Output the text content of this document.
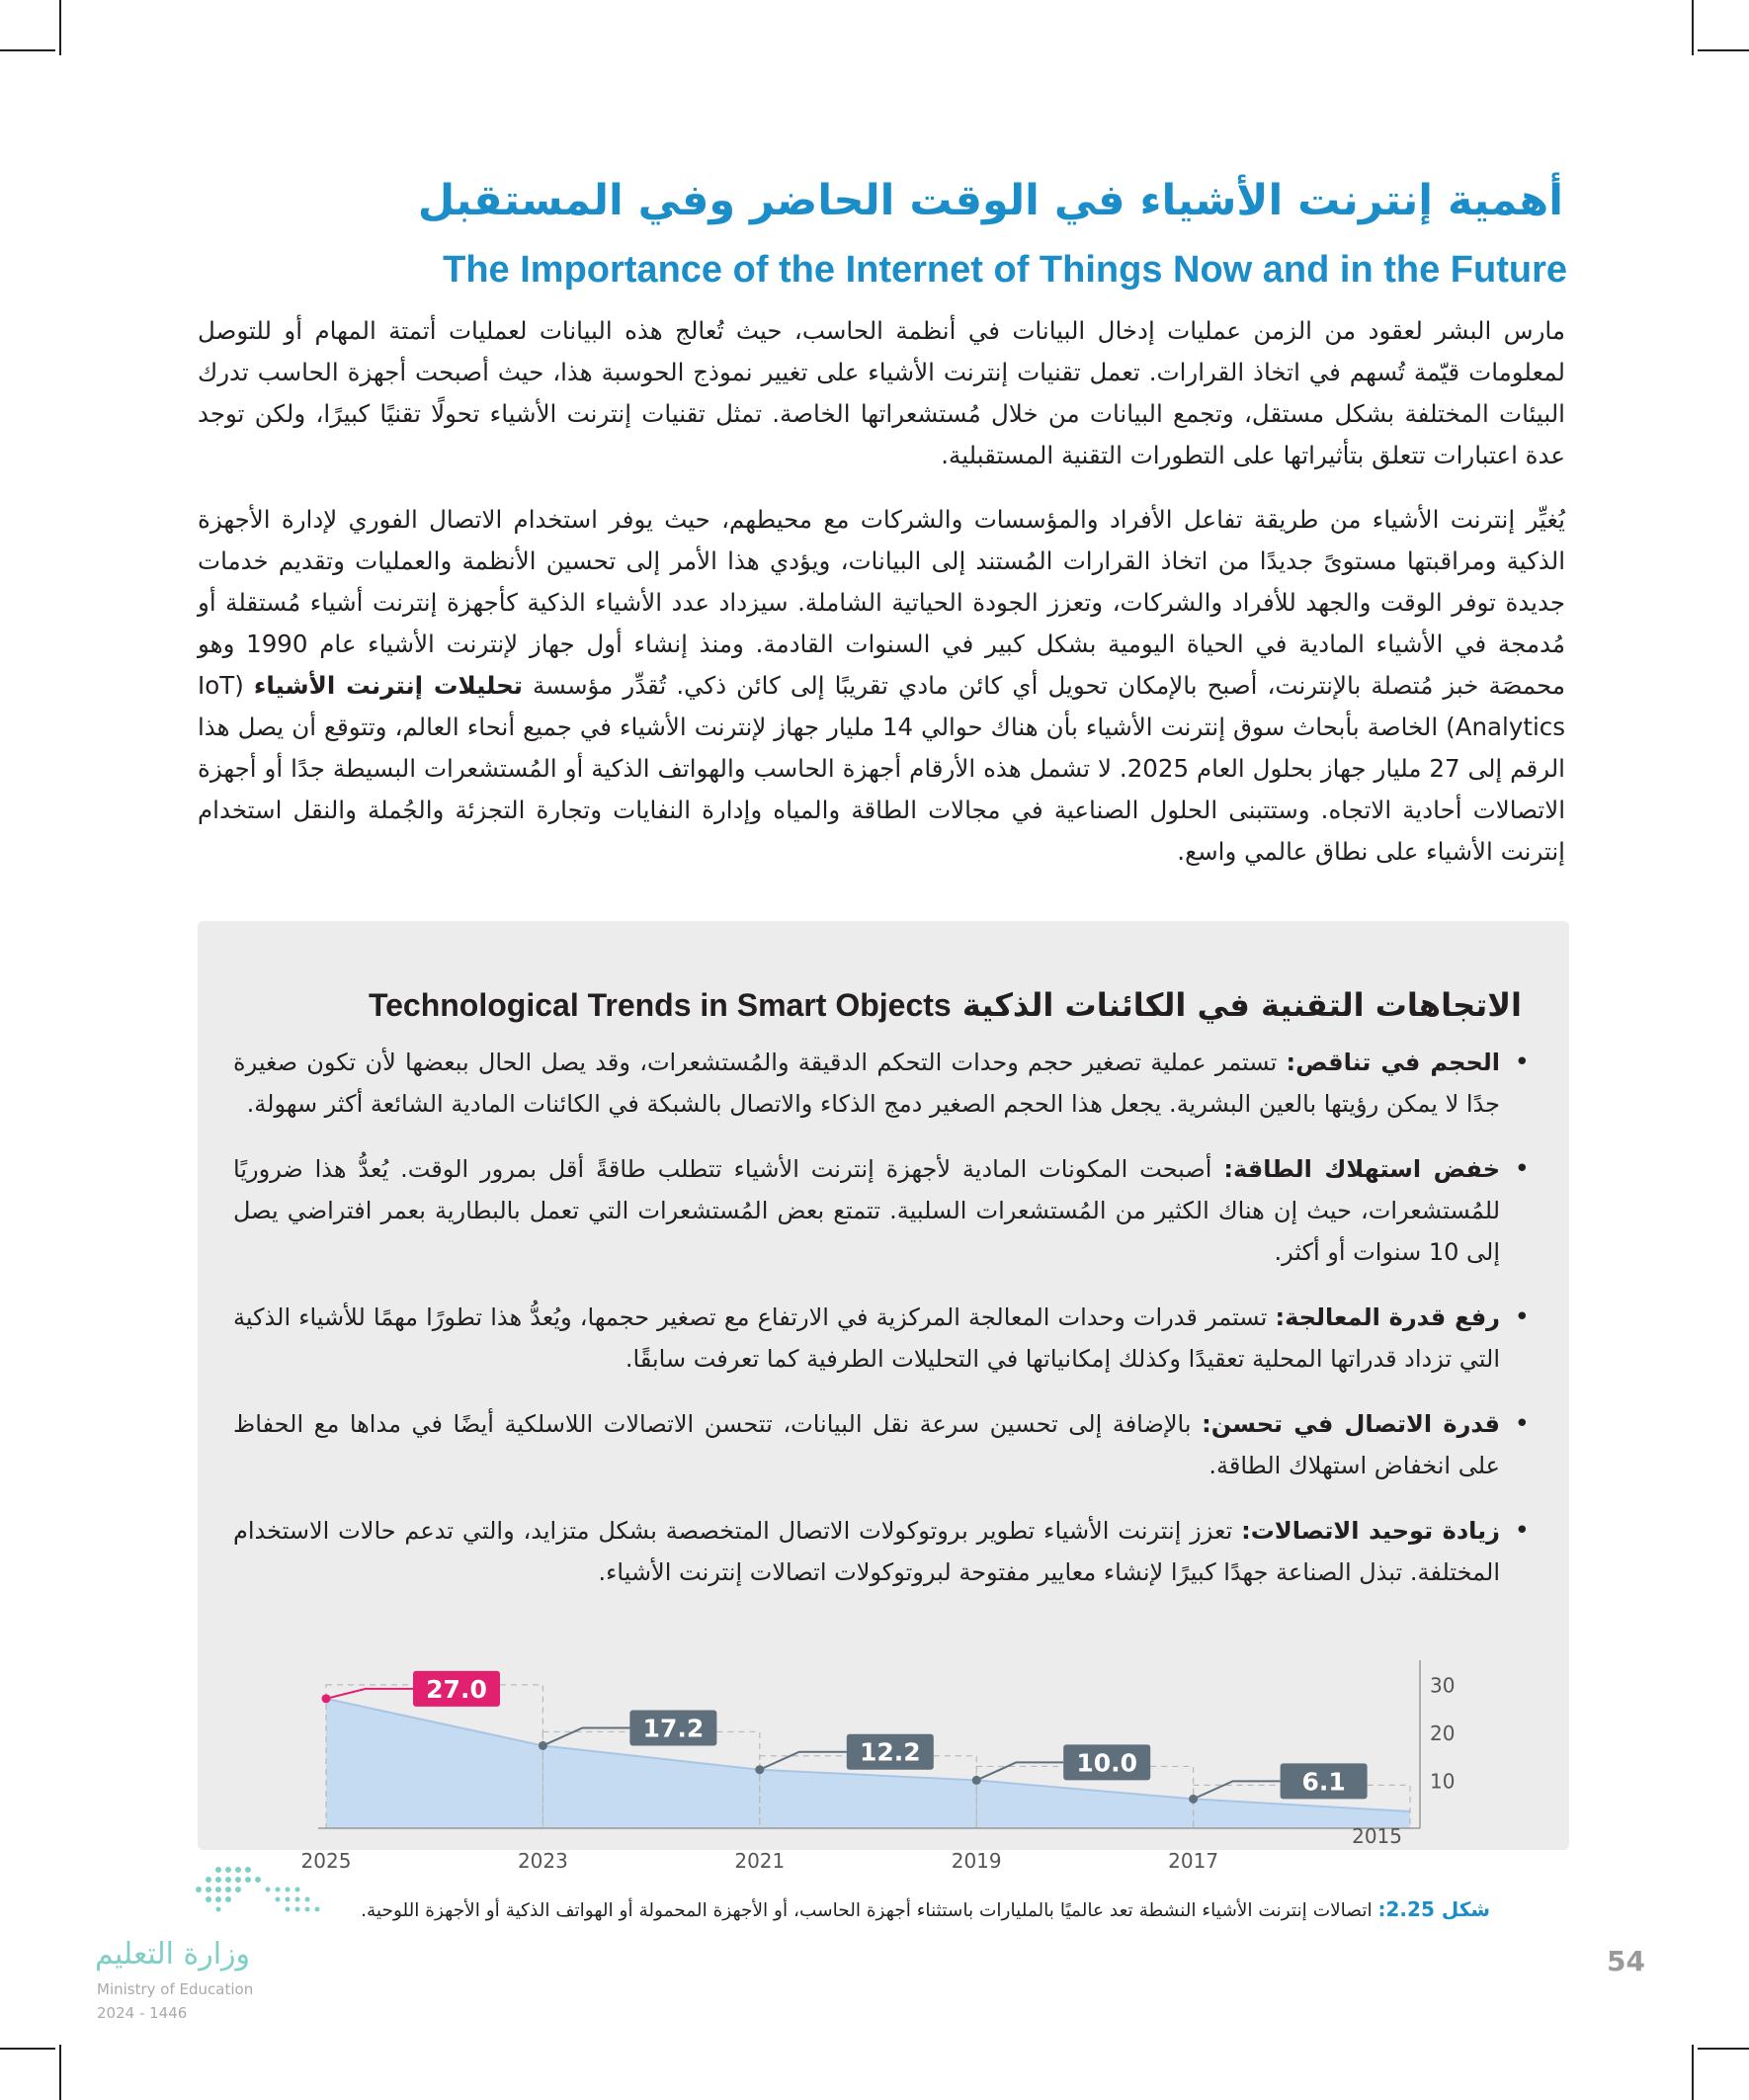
أهمية إنترنت الأشياء في الوقت الحاضر وفي المستقبل
The Importance of the Internet of Things Now and in the Future

مارس البشر لعقود من الزمن عمليات إدخال البيانات في أنظمة الحاسب، حيث تُعالج هذه البيانات لعمليات أتمتة المهام أو للتوصل لمعلومات قيّمة تُسهم في اتخاذ القرارات. تعمل تقنيات إنترنت الأشياء على تغيير نموذج الحوسبة هذا، حيث أصبحت أجهزة الحاسب تدرك البيئات المختلفة بشكل مستقل، وتجمع البيانات من خلال مُستشعراتها الخاصة. تمثل تقنيات إنترنت الأشياء تحولًا تقنيًا كبيرًا، ولكن توجد عدة اعتبارات تتعلق بتأثيراتها على التطورات التقنية المستقبلية.

يُغيِّر إنترنت الأشياء من طريقة تفاعل الأفراد والمؤسسات والشركات مع محيطهم، حيث يوفر استخدام الاتصال الفوري لإدارة الأجهزة الذكية ومراقبتها مستوىً جديدًا من اتخاذ القرارات المُستند إلى البيانات، ويؤدي هذا الأمر إلى تحسين الأنظمة والعمليات وتقديم خدمات جديدة توفر الوقت والجهد للأفراد والشركات، وتعزز الجودة الحياتية الشاملة. سيزداد عدد الأشياء الذكية كأجهزة إنترنت أشياء مُستقلة أو مُدمجة في الأشياء المادية في الحياة اليومية بشكل كبير في السنوات القادمة. ومنذ إنشاء أول جهاز لإنترنت الأشياء عام 1990 وهو محمصَة خبز مُتصلة بالإنترنت، أصبح بالإمكان تحويل أي كائن مادي تقريبًا إلى كائن ذكي. تُقدِّر مؤسسة تحليلات إنترنت الأشياء (IoT Analytics) الخاصة بأبحاث سوق إنترنت الأشياء بأن هناك حوالي 14 مليار جهاز لإنترنت الأشياء في جميع أنحاء العالم، وتتوقع أن يصل هذا الرقم إلى 27 مليار جهاز بحلول العام 2025. لا تشمل هذه الأرقام أجهزة الحاسب والهواتف الذكية أو المُستشعرات البسيطة جدًا أو أجهزة الاتصالات أحادية الاتجاه. وستتبنى الحلول الصناعية في مجالات الطاقة والمياه وإدارة النفايات وتجارة التجزئة والجُملة والنقل استخدام إنترنت الأشياء على نطاق عالمي واسع.

الاتجاهات التقنية في الكائنات الذكية Technological Trends in Smart Objects
• الحجم في تناقص: تستمر عملية تصغير حجم وحدات التحكم الدقيقة والمُستشعرات، وقد يصل الحال ببعضها لأن تكون صغيرة جدًا لا يمكن رؤيتها بالعين البشرية. يجعل هذا الحجم الصغير دمج الذكاء والاتصال بالشبكة في الكائنات المادية الشائعة أكثر سهولة.
• خفض استهلاك الطاقة: أصبحت المكونات المادية لأجهزة إنترنت الأشياء تتطلب طاقةً أقل بمرور الوقت. يُعدُّ هذا ضروريًا للمُستشعرات، حيث إن هناك الكثير من المُستشعرات السلبية. تتمتع بعض المُستشعرات التي تعمل بالبطارية بعمر افتراضي يصل إلى 10 سنوات أو أكثر.
• رفع قدرة المعالجة: تستمر قدرات وحدات المعالجة المركزية في الارتفاع مع تصغير حجمها، ويُعدُّ هذا تطورًا مهمًا للأشياء الذكية التي تزداد قدراتها المحلية تعقيدًا وكذلك إمكانياتها في التحليلات الطرفية كما تعرفت سابقًا.
• قدرة الاتصال في تحسن: بالإضافة إلى تحسين سرعة نقل البيانات، تتحسن الاتصالات اللاسلكية أيضًا في مداها مع الحفاظ على انخفاض استهلاك الطاقة.
• زيادة توحيد الاتصالات: تعزز إنترنت الأشياء تطوير بروتوكولات الاتصال المتخصصة بشكل متزايد، والتي تدعم حالات الاستخدام المختلفة. تبذل الصناعة جهدًا كبيرًا لإنشاء معايير مفتوحة لبروتوكولات اتصالات إنترنت الأشياء.
30
20
10
2025	2023	2021	2019	2017
2015
27.0
17.2
12.2	10.0
6.1
شكل 2.25: اتصالات إنترنت الأشياء النشطة تعد عالميًا بالمليارات باستثناء أجهزة الحاسب، أو الأجهزة المحمولة أو الهواتف الذكية أو الأجهزة اللوحية.
وزارة التعليم
Ministry of Education
2024 - 1446
54
